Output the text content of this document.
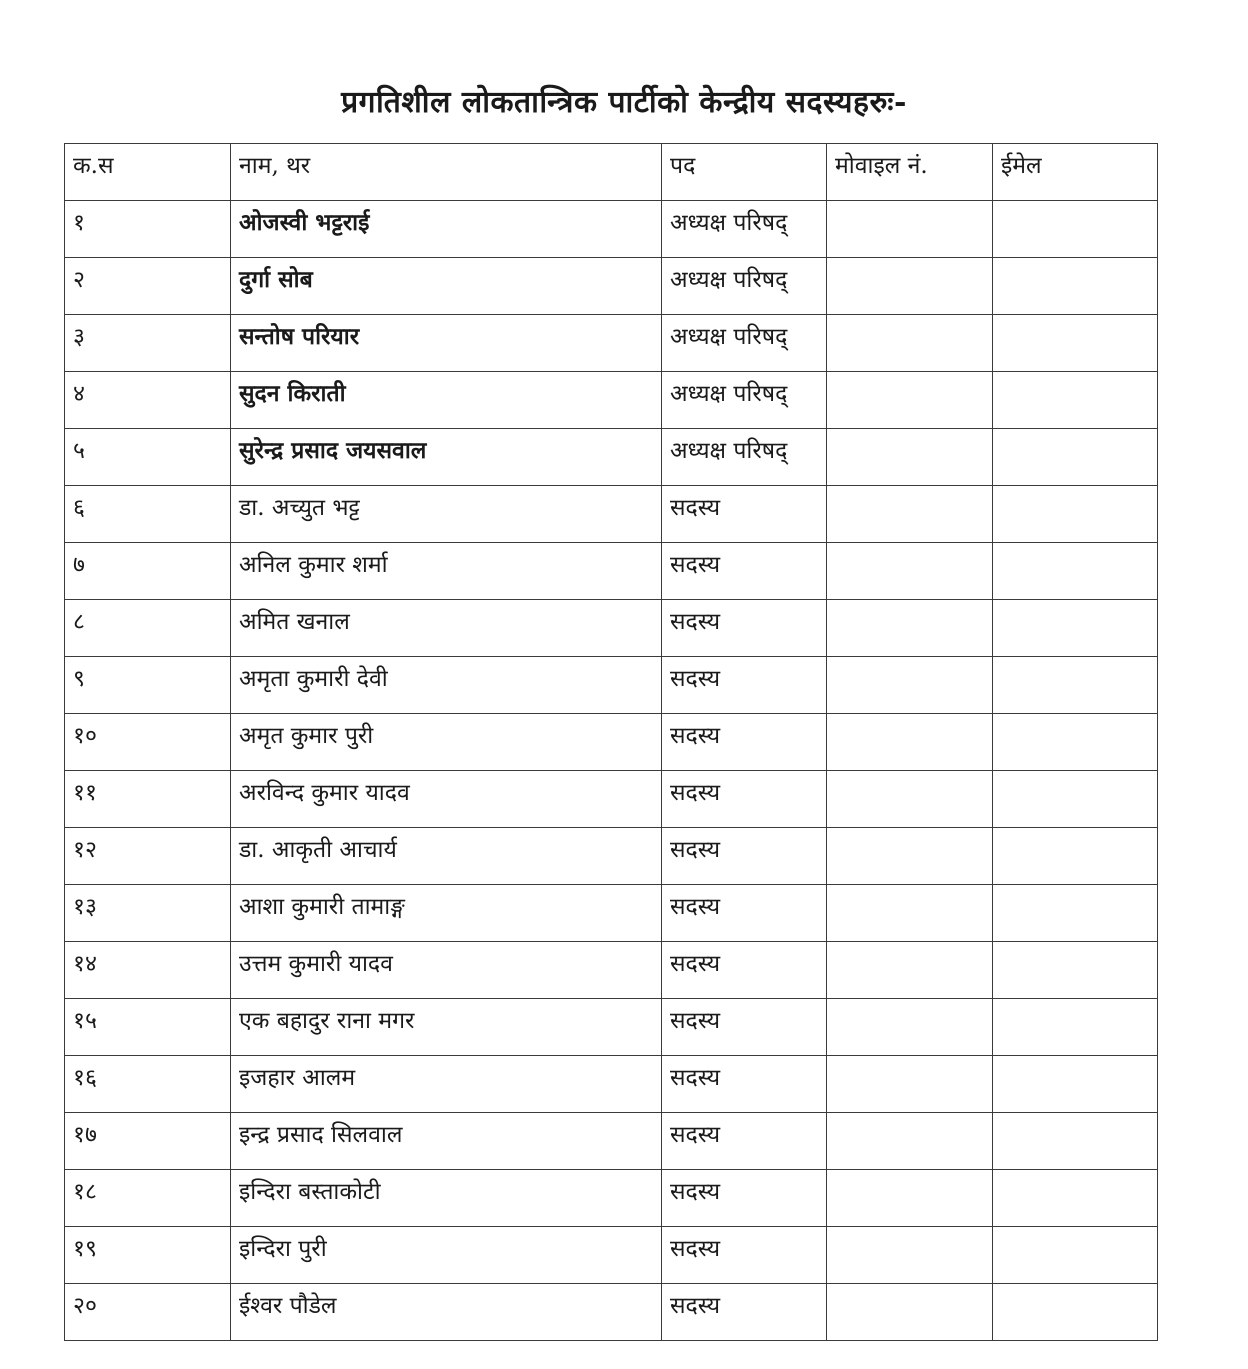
प्रगतिशील लोकतान्त्रिक पार्टीको केन्द्रीय सदस्यहरुः-
क.स	नाम, थर	पद	मोवाइल नं.	ईमेल
१	ओजस्वी भट्टराई	अध्यक्ष परिषद्		
२	दुर्गा सोब	अध्यक्ष परिषद्		
३	सन्तोष परियार	अध्यक्ष परिषद्		
४	सुदन किराती	अध्यक्ष परिषद्		
५	सुरेन्द्र प्रसाद जयसवाल	अध्यक्ष परिषद्		
६	डा. अच्युत भट्ट	सदस्य		
७	अनिल कुमार शर्मा	सदस्य		
८	अमित खनाल	सदस्य		
९	अमृता कुमारी देवी	सदस्य		
१०	अमृत कुमार पुरी	सदस्य		
११	अरविन्द कुमार यादव	सदस्य		
१२	डा. आकृती आचार्य	सदस्य		
१३	आशा कुमारी तामाङ्ग	सदस्य		
१४	उत्तम कुमारी यादव	सदस्य		
१५	एक बहादुर राना मगर	सदस्य		
१६	इजहार आलम	सदस्य		
१७	इन्द्र प्रसाद सिलवाल	सदस्य		
१८	इन्दिरा बस्ताकोटी	सदस्य		
१९	इन्दिरा पुरी	सदस्य		
२०	ईश्वर पौडेल	सदस्य		
